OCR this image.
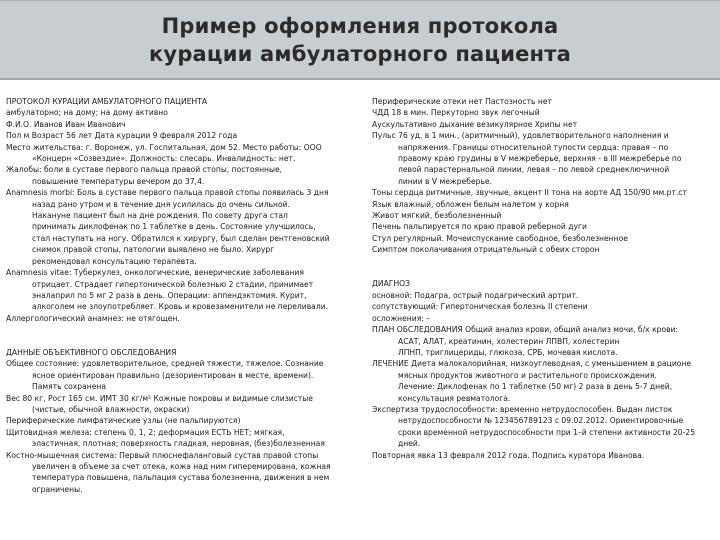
Пример оформления протокола
курации амбулаторного пациента
ПРОТОКОЛ КУРАЦИИ АМБУЛАТОРНОГО ПАЦИЕНТА
амбулаторно; на дому; на дому активно
Ф.И.О. Иванов Иван Иванович
Пол м Возраст 56 лет Дата курации 9 февраля 2012 года
Место жительства: г. Воронеж, ул. Госпитальная, дом 52. Место работы: ООО
«Концерн «Созвездие». Должность: слесарь. Инвалидность: нет.
Жалобы: боли в суставе первого пальца правой стопы, постоянные,
повышение температуры вечером до 37,4.
Anamnesis morbi: Боль в суставе первого пальца правой стопы появилась 3 дня
назад рано утром и в течение дня усилилась до очень сильной.
Накануне пациент был на дне рождения. По совету друга стал
принимать диклофенак по 1 таблетке в день. Состояние улучшилось,
стал наступать на ногу. Обратился к хирургу, был сделан рентгеновский
снимок правой стопы, патологии выявлено не было. Хирург
рекомендовал консультацию терапевта.
Anamnesis vitae: Туберкулез, онкологические, венерические заболевания
отрицает. Страдает гипертонической болезнью 2 стадии, принимает
эналаприл по 5 мг 2 раза в день. Операции: аппендэктомия. Курит,
алкоголем не злоупотребляет. Кровь и кровезаменители не переливали.
Аллергологический анамнез: не отягощен.
ДАННЫЕ ОБЪЕКТИВНОГО ОБСЛЕДОВАНИЯ
Общее состояние: удовлетворительное, средней тяжести, тяжелое. Сознание
ясное ориентирован правильно (дезориентирован в месте, времени).
Память сохранена
Вес 80 кг, Рост 165 см. ИМТ 30 кг/м² Кожные покровы и видимые слизистые
(чистые, обычной влажности, окраски)
Периферические лимфатические узлы (не пальпируются)
Щитовидная железа: степень 0, 1, 2; деформация ЕСТЬ НЕТ; мягкая,
эластичная, плотная; поверхность гладкая, неровная, (без)болезненная
Костно-мышечная система: Первый плюснефаланговый сустав правой стопы
увеличен в объеме за счет отека, кожа над ним гиперемирована, кожная
температура повышена, пальпация сустава болезненна, движения в нем
ограничены.
Периферические отеки нет Пастозность нет
ЧДД 18 в мин. Перкуторно звук легочный
Аускультативно дыхание везикулярное Хрипы нет
Пульс 76 уд. в 1 мин., (аритмичный), удовлетворительного наполнения и
напряжения. Границы относительной тупости сердца: правая – по
правому краю грудины в V межреберье, верхняя - в III межреберье по
левой парастернальной линии, левая – по левой среднеключичной
линии в V межреберье.
Тоны сердца ритмичные, звучные, акцент II тона на аорте АД 150/90 мм.рт.ст
Язык влажный, обложен белым налетом у корня
Живот мягкий, безболезненный
Печень пальпируется по краю правой реберной дуги
Стул регулярный. Мочеиспускание свободное, безболезненное
Симптом поколачивания отрицательный с обеих сторон
ДИАГНОЗ
основной: Подагра, острый подагрический артрит.
сопутствующий: Гипертоническая болезнь II степени
осложнения: –
ПЛАН ОБСЛЕДОВАНИЯ Общий анализ крови, общий анализ мочи, б/х крови:
АСАТ, АЛАТ, креатинин, холестерин ЛПВП, холестерин
ЛПНП, триглицериды, глюкоза, СРБ, мочевая кислота.
ЛЕЧЕНИЕ Диета малокалорийная, низкоуглеводная, с уменьшением в рационе
мясных продуктов животного и растительного происхождения.
Лечение: Диклофенак по 1 таблетке (50 мг) 2 раза в день 5-7 дней,
консультация ревматолога.
Экспертиза трудоспособности: временно нетрудоспособен. Выдан листок
нетрудоспособности № 123456789123 с 09.02.2012. Ориентировочные
сроки временной нетрудоспособности при 1–й степени активности 20-25
дней.
Повторная явка 13 февраля 2012 года. Подпись куратора Иванова.
